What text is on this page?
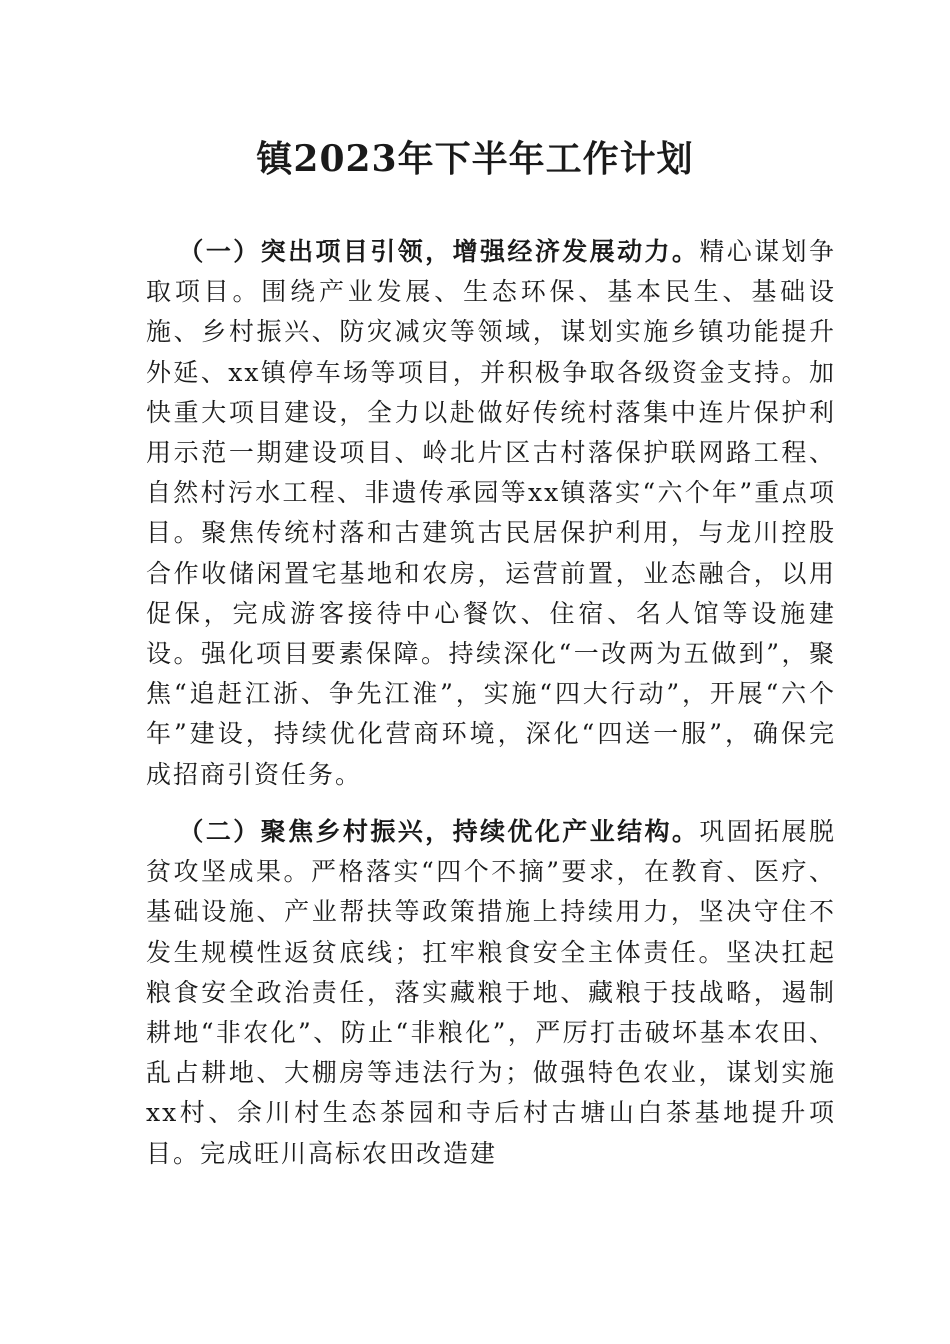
镇2023年下半年工作计划

（一）突出项目引领，增强经济发展动力。精心谋划争取项目。围绕产业发展、生态环保、基本民生、基础设施、乡村振兴、防灾减灾等领域，谋划实施乡镇功能提升外延、xx镇停车场等项目，并积极争取各级资金支持。加快重大项目建设，全力以赴做好传统村落集中连片保护利用示范一期建设项目、岭北片区古村落保护联网路工程、自然村污水工程、非遗传承园等xx镇落实“六个年”重点项目。聚焦传统村落和古建筑古民居保护利用，与龙川控股合作收储闲置宅基地和农房，运营前置，业态融合，以用促保，完成游客接待中心餐饮、住宿、名人馆等设施建设。强化项目要素保障。持续深化“一改两为五做到”，聚焦“追赶江浙、争先江淮”，实施“四大行动”，开展“六个年”建设，持续优化营商环境，深化“四送一服”，确保完成招商引资任务。

（二）聚焦乡村振兴，持续优化产业结构。巩固拓展脱贫攻坚成果。严格落实“四个不摘”要求，在教育、医疗、基础设施、产业帮扶等政策措施上持续用力，坚决守住不发生规模性返贫底线；扛牢粮食安全主体责任。坚决扛起粮食安全政治责任，落实藏粮于地、藏粮于技战略，遏制耕地“非农化”、防止“非粮化”，严厉打击破坏基本农田、乱占耕地、大棚房等违法行为；做强特色农业，谋划实施xx村、余川村生态茶园和寺后村古塘山白茶基地提升项目。完成旺川高标农田改造建
